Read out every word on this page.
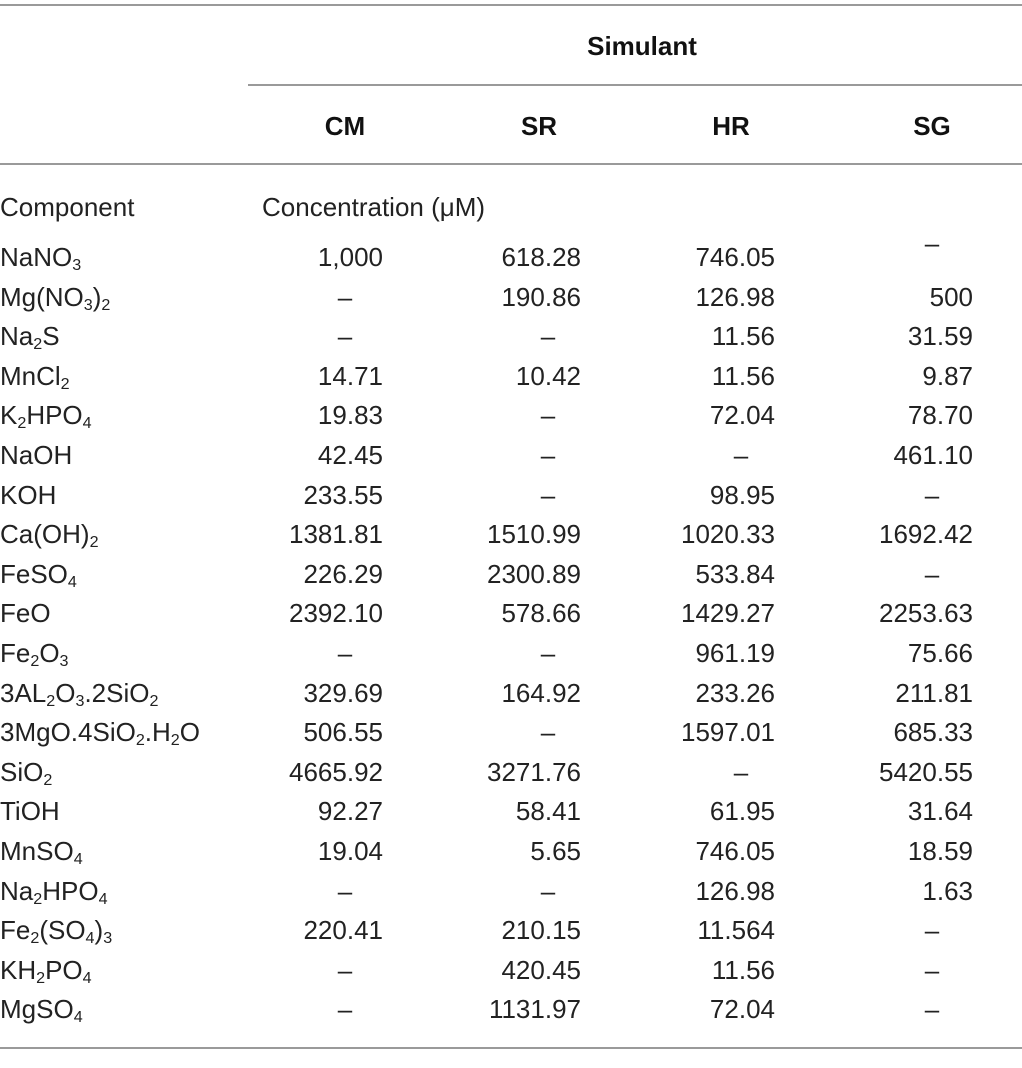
Simulant
CM	SR	HR	SG
Component	Concentration (μM)
NaNO$_3$	1,000	618.28	746.05	–
$Mg(NO_3)_2$	–	190.86	126.98	500
$Na_2S$	–	–	11.56	31.59
MnCl$_2$	14.71	10.42	11.56	9.87
$K_2HPO_4$	19.83	–	72.04	78.70
NaOH	42.45	–	–	461.10
KOH	233.55	–	98.95	–
$Ca(OH)_2$	1381.81	1510.99	1020.33	1692.42
FeSO$_4$	226.29	2300.89	533.84	–
FeO	2392.10	578.66	1429.27	2253.63
$Fe_2O_3$	–	–	961.19	75.66
$3AL_2O_3.2SiO_2$	329.69	164.92	233.26	211.81
$3MgO.4SiO_2.H_2O$	506.55	–	1597.01	685.33
SiO$_2$	4665.92	3271.76	–	5420.55
TiOH	92.27	58.41	61.95	31.64
MnSO$_4$	19.04	5.65	746.05	18.59
$Na_2HPO_4$	–	–	126.98	1.63
$Fe_2(SO_4)_3$	220.41	210.15	11.564	–
$KH_2PO_4$	–	420.45	11.56	–
MgSO$_4$	–	1131.97	72.04	–
